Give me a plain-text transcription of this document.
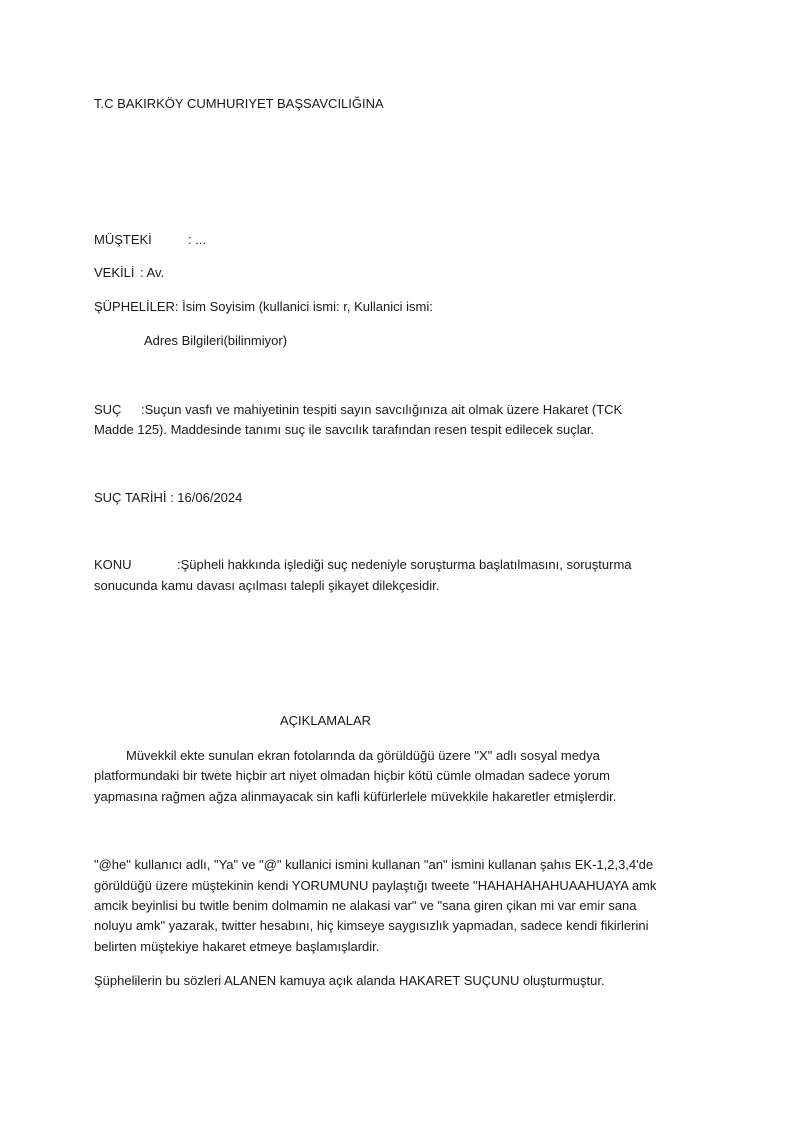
T.C BAKIRKÖY CUMHURIYET BAŞSAVCILIĞINA
MÜŞTEKİ	: ...
VEKİLİ : Av.
ŞÜPHELİLER: İsim Soyisim (kullanici ismi: r, Kullanici ismi:
Adres Bilgileri(bilinmiyor)
SUÇ :Suçun vasfı ve mahiyetinin tespiti sayın savcılığınıza ait olmak üzere Hakaret (TCK
Madde 125). Maddesinde tanımı suç ile savcılık tarafından resen tespit edilecek suçlar.
SUÇ TARİHİ : 16/06/2024
KONU	:Şüpheli hakkında işlediği suç nedeniyle soruşturma başlatılmasını, soruşturma
sonucunda kamu davası açılması talepli şikayet dilekçesidir.
AÇIKLAMALAR
Müvekkil ekte sunulan ekran fotolarında da görüldüğü üzere "X" adlı sosyal medya
platformundaki bir twete hiçbir art niyet olmadan hiçbir kötü cümle olmadan sadece yorum
yapmasına rağmen ağza alinmayacak sin kafli küfürlerlele müvekkile hakaretler etmişlerdir.
"@he" kullanıcı adlı, "Ya" ve "@" kullanici ismini kullanan "an" ismini kullanan şahıs EK-1,2,3,4'de
görüldüğü üzere müştekinin kendi YORUMUNU paylaştığı tweete "HAHAHAHAHUAAHUAYA amk
amcik beyinlisi bu twitle benim dolmamin ne alakasi var" ve "sana giren çikan mi var emir sana
noluyu amk" yazarak, twitter hesabını, hiç kimseye saygısızlık yapmadan, sadece kendi fikirlerini
belirten müştekiye hakaret etmeye başlamışlardir.
Şüphelilerin bu sözleri ALANEN kamuya açık alanda HAKARET SUÇUNU oluşturmuştur.
